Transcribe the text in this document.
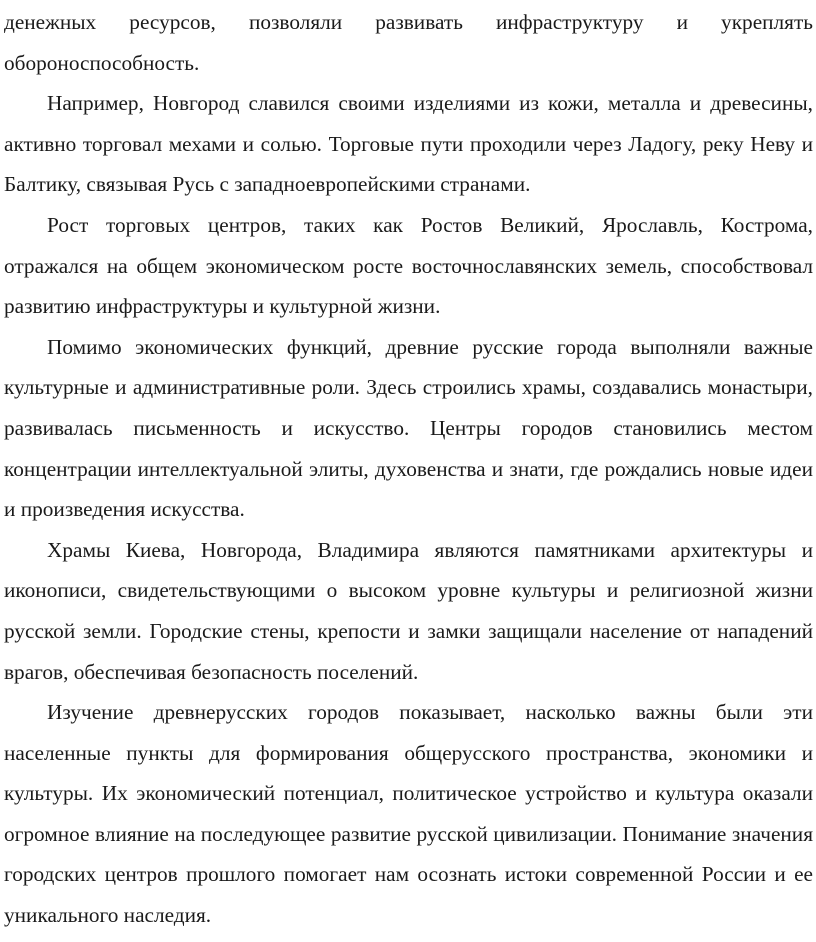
денежных ресурсов, позволяли развивать инфраструктуру и укреплять обороноспособность.

Например, Новгород славился своими изделиями из кожи, металла и древесины, активно торговал мехами и солью. Торговые пути проходили через Ладогу, реку Неву и Балтику, связывая Русь с западноевропейскими странами.

Рост торговых центров, таких как Ростов Великий, Ярославль, Кострома, отражался на общем экономическом росте восточнославянских земель, способствовал развитию инфраструктуры и культурной жизни.

Помимо экономических функций, древние русские города выполняли важные культурные и административные роли. Здесь строились храмы, создавались монастыри, развивалась письменность и искусство. Центры городов становились местом концентрации интеллектуальной элиты, духовенства и знати, где рождались новые идеи и произведения искусства.

Храмы Киева, Новгорода, Владимира являются памятниками архитектуры и иконописи, свидетельствующими о высоком уровне культуры и религиозной жизни русской земли. Городские стены, крепости и замки защищали население от нападений врагов, обеспечивая безопасность поселений.

Изучение древнерусских городов показывает, насколько важны были эти населенные пункты для формирования общерусского пространства, экономики и культуры. Их экономический потенциал, политическое устройство и культура оказали огромное влияние на последующее развитие русской цивилизации. Понимание значения городских центров прошлого помогает нам осознать истоки современной России и ее уникального наследия.
